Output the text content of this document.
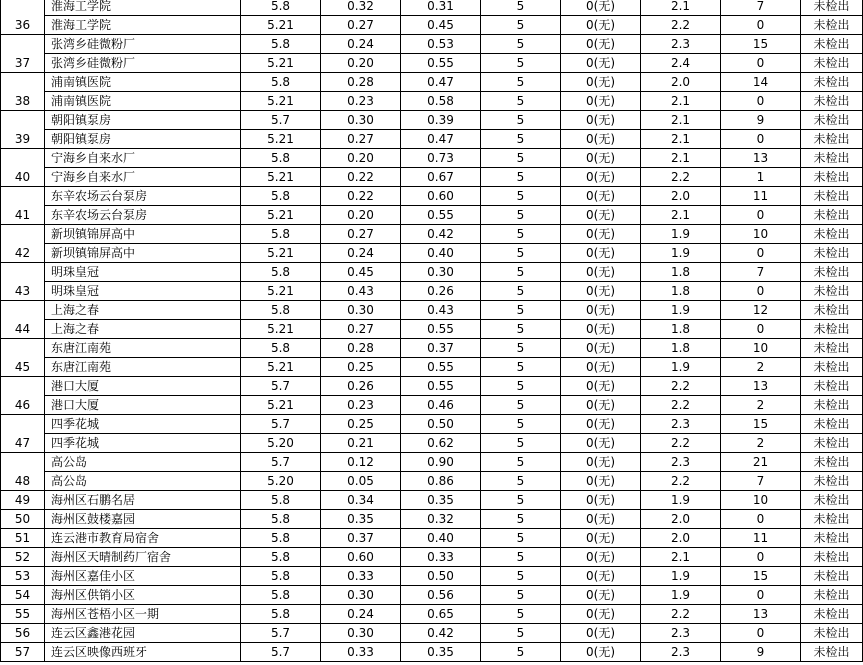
36	淮海工学院	5.8	0.32	0.31	5	0(无)	2.1	7	未检出
	淮海工学院	5.21	0.27	0.45	5	0(无)	2.2	0	未检出
37	张湾乡硅微粉厂	5.8	0.24	0.53	5	0(无)	2.3	15	未检出
	张湾乡硅微粉厂	5.21	0.20	0.55	5	0(无)	2.4	0	未检出
38	浦南镇医院	5.8	0.28	0.47	5	0(无)	2.0	14	未检出
	浦南镇医院	5.21	0.23	0.58	5	0(无)	2.1	0	未检出
39	朝阳镇泵房	5.7	0.30	0.39	5	0(无)	2.1	9	未检出
	朝阳镇泵房	5.21	0.27	0.47	5	0(无)	2.1	0	未检出
40	宁海乡自来水厂	5.8	0.20	0.73	5	0(无)	2.1	13	未检出
	宁海乡自来水厂	5.21	0.22	0.67	5	0(无)	2.2	1	未检出
41	东辛农场云台泵房	5.8	0.22	0.60	5	0(无)	2.0	11	未检出
	东辛农场云台泵房	5.21	0.20	0.55	5	0(无)	2.1	0	未检出
42	新坝镇锦屏高中	5.8	0.27	0.42	5	0(无)	1.9	10	未检出
	新坝镇锦屏高中	5.21	0.24	0.40	5	0(无)	1.9	0	未检出
43	明珠皇冠	5.8	0.45	0.30	5	0(无)	1.8	7	未检出
	明珠皇冠	5.21	0.43	0.26	5	0(无)	1.8	0	未检出
44	上海之春	5.8	0.30	0.43	5	0(无)	1.9	12	未检出
	上海之春	5.21	0.27	0.55	5	0(无)	1.8	0	未检出
45	东唐江南苑	5.8	0.28	0.37	5	0(无)	1.8	10	未检出
	东唐江南苑	5.21	0.25	0.55	5	0(无)	1.9	2	未检出
46	港口大厦	5.7	0.26	0.55	5	0(无)	2.2	13	未检出
	港口大厦	5.21	0.23	0.46	5	0(无)	2.2	2	未检出
47	四季花城	5.7	0.25	0.50	5	0(无)	2.3	15	未检出
	四季花城	5.20	0.21	0.62	5	0(无)	2.2	2	未检出
48	高公岛	5.7	0.12	0.90	5	0(无)	2.3	21	未检出
	高公岛	5.20	0.05	0.86	5	0(无)	2.2	7	未检出
49	海州区石鹏名居	5.8	0.34	0.35	5	0(无)	1.9	10	未检出
50	海州区鼓楼嘉园	5.8	0.35	0.32	5	0(无)	2.0	0	未检出
51	连云港市教育局宿舍	5.8	0.37	0.40	5	0(无)	2.0	11	未检出
52	海州区天晴制药厂宿舍	5.8	0.60	0.33	5	0(无)	2.1	0	未检出
53	海州区嘉佳小区	5.8	0.33	0.50	5	0(无)	1.9	15	未检出
54	海州区供销小区	5.8	0.30	0.56	5	0(无)	1.9	0	未检出
55	海州区苍梧小区一期	5.8	0.24	0.65	5	0(无)	2.2	13	未检出
56	连云区鑫港花园	5.7	0.30	0.42	5	0(无)	2.3	0	未检出
57	连云区映像西班牙	5.7	0.33	0.35	5	0(无)	2.3	9	未检出
